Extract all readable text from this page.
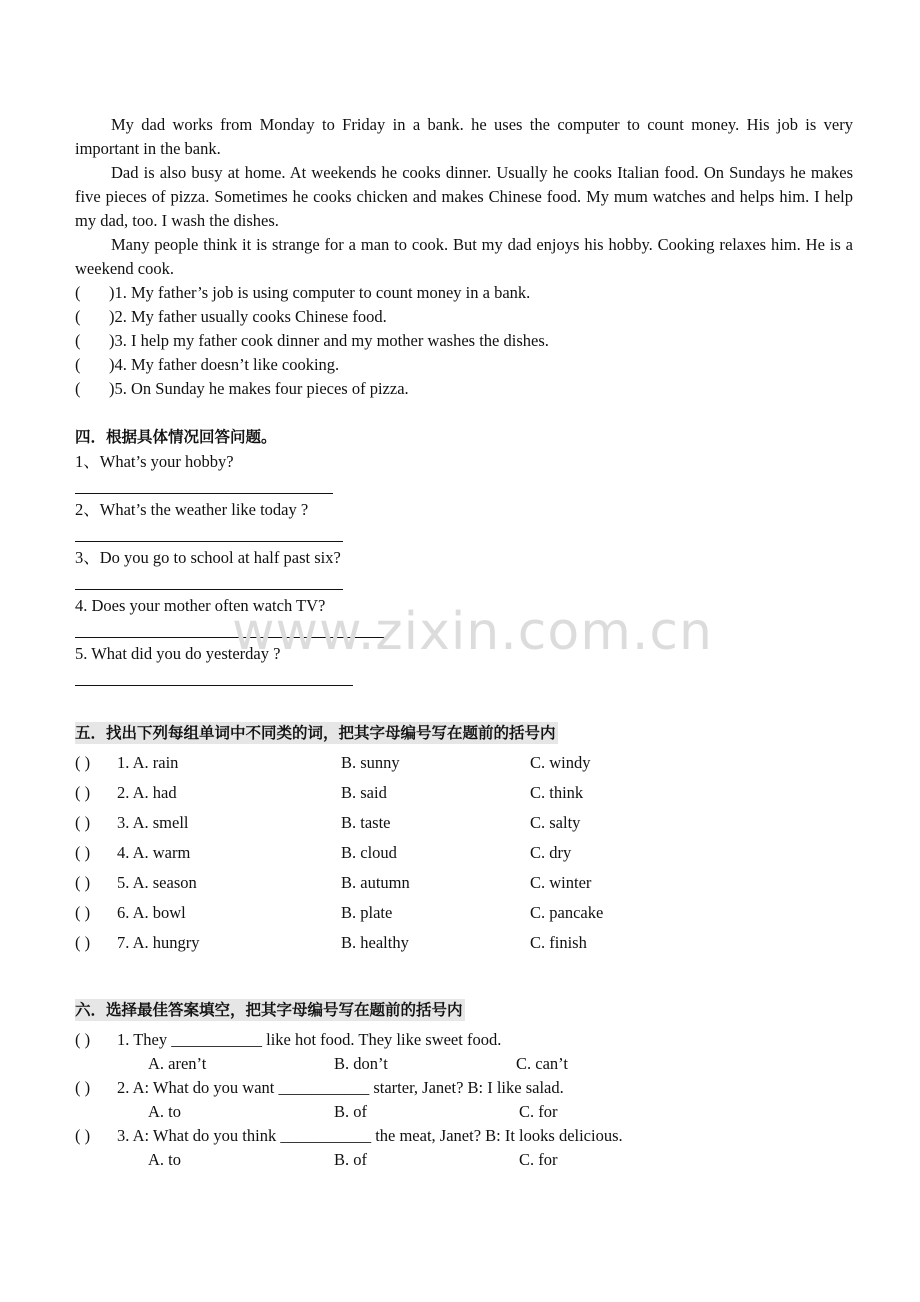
My dad works from Monday to Friday in a bank. he uses the computer to count money. His job is very important in the bank.
Dad is also busy at home. At weekends he cooks dinner. Usually he cooks Italian food. On Sundays he makes five pieces of pizza. Sometimes he cooks chicken and makes Chinese food. My mum watches and helps him. I help my dad, too. I wash the dishes.
Many people think it is strange for a man to cook. But my dad enjoys his hobby. Cooking relaxes him. He is a weekend cook.
( )1. My father’s job is using computer to count money in a bank.
( )2. My father usually cooks Chinese food.
( )3. I help my father cook dinner and my mother washes the dishes.
( )4. My father doesn’t like cooking.
( )5. On Sunday he makes four pieces of pizza.
四．根据具体情况回答问题。
1、What’s your hobby?
2、What’s the weather like today ?
3、Do you go to school at half past six?
4. Does your mother often watch TV?
5. What did you do yesterday ?
五．找出下列每组单词中不同类的词，把其字母编号写在题前的括号内
( ) 1. A. rain	B. sunny	C. windy
( ) 2. A. had	B. said	C. think
( ) 3. A. smell	B. taste	C. salty
( ) 4. A. warm	B. cloud	C. dry
( ) 5. A. season	B. autumn	C. winter
( ) 6. A. bowl	B. plate	C. pancake
( ) 7. A. hungry	B. healthy	C. finish
六．选择最佳答案填空，把其字母编号写在题前的括号内
( ) 1. They ___________ like hot food. They like sweet food.
A. aren’t	B. don’t	C. can’t
( ) 2. A: What do you want ___________ starter, Janet? B: I like salad.
A. to	B. of	C. for
( ) 3. A: What do you think ___________ the meat, Janet? B: It looks delicious.
A. to	B. of	C. for
www.zixin.com.cn
